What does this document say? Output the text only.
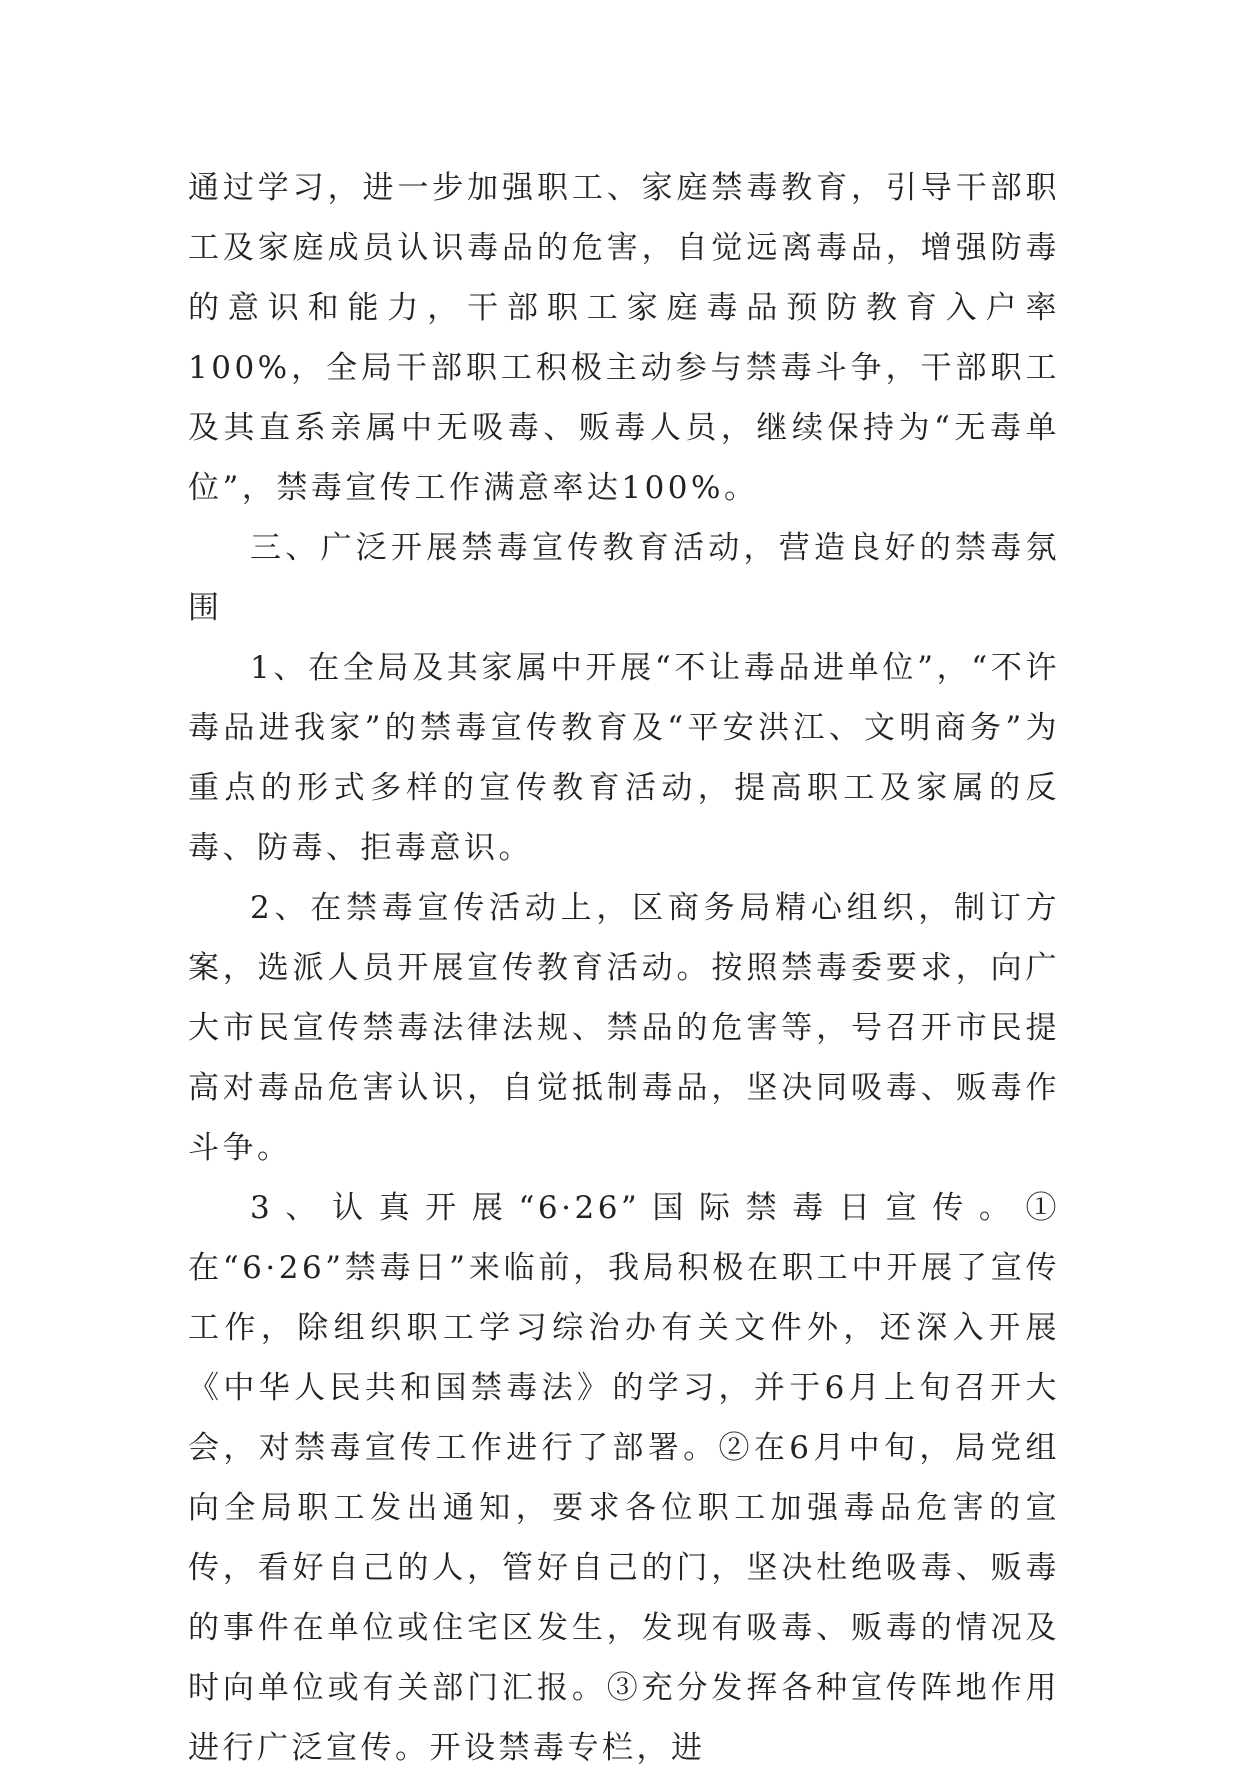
通过学习，进一步加强职工、家庭禁毒教育，引导干部职工及家庭成员认识毒品的危害，自觉远离毒品，增强防毒的意识和能力，干部职工家庭毒品预防教育入户率100%，全局干部职工积极主动参与禁毒斗争，干部职工及其直系亲属中无吸毒、贩毒人员，继续保持为“无毒单位”，禁毒宣传工作满意率达100%。

三、广泛开展禁毒宣传教育活动，营造良好的禁毒氛围

1、在全局及其家属中开展“不让毒品进单位”，“不许毒品进我家”的禁毒宣传教育及“平安洪江、文明商务”为重点的形式多样的宣传教育活动，提高职工及家属的反毒、防毒、拒毒意识。

2、在禁毒宣传活动上，区商务局精心组织，制订方案，选派人员开展宣传教育活动。按照禁毒委要求，向广大市民宣传禁毒法律法规、禁品的危害等，号召开市民提高对毒品危害认识，自觉抵制毒品，坚决同吸毒、贩毒作斗争。

3、认真开展“6·26”国际禁毒日宣传。①在“6·26”禁毒日”来临前，我局积极在职工中开展了宣传工作，除组织职工学习综治办有关文件外，还深入开展《中华人民共和国禁毒法》的学习，并于6月上旬召开大会，对禁毒宣传工作进行了部署。②在6月中旬，局党组向全局职工发出通知，要求各位职工加强毒品危害的宣传，看好自己的人，管好自己的门，坚决杜绝吸毒、贩毒的事件在单位或住宅区发生，发现有吸毒、贩毒的情况及时向单位或有关部门汇报。③充分发挥各种宣传阵地作用进行广泛宣传。开设禁毒专栏，进
